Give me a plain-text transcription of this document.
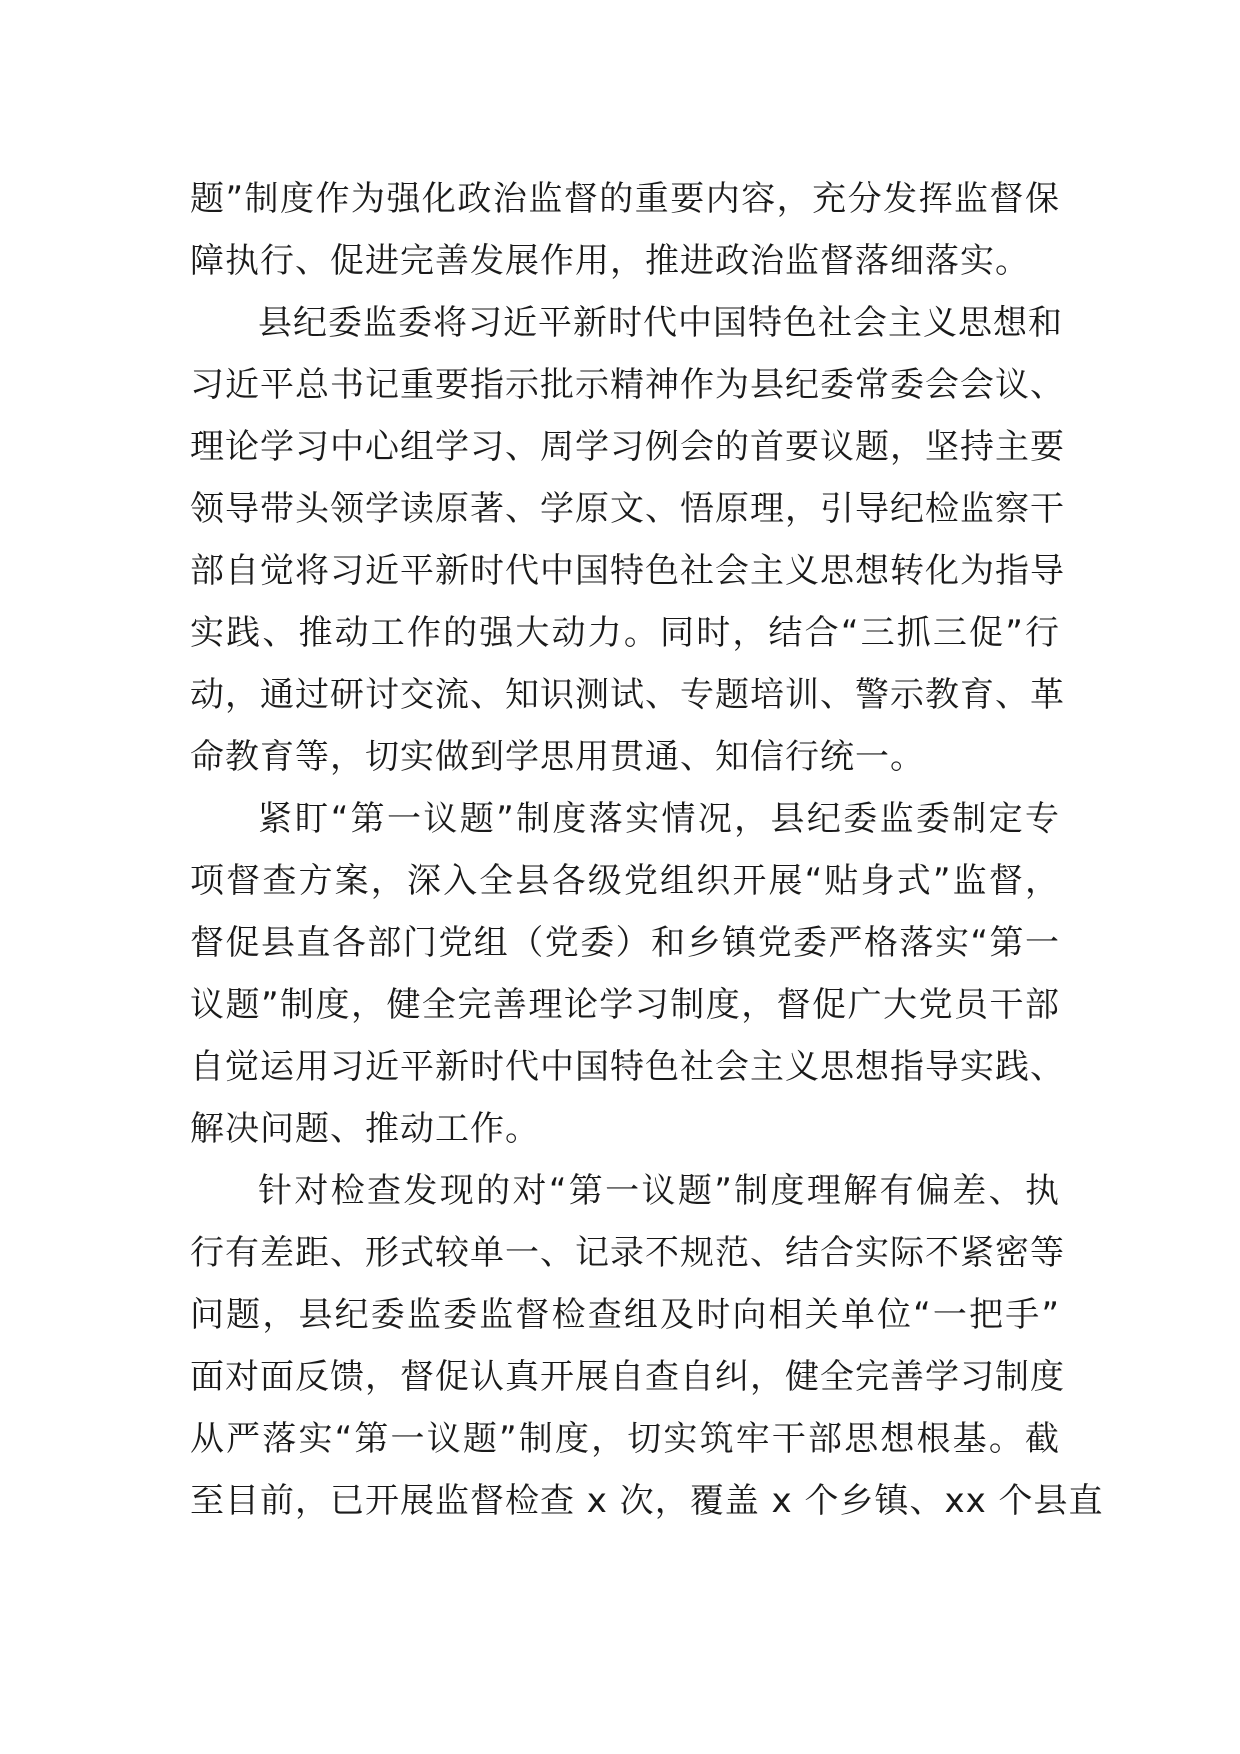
题”制度作为强化政治监督的重要内容，充分发挥监督保
障执行、促进完善发展作用，推进政治监督落细落实。
县纪委监委将习近平新时代中国特色社会主义思想和
习近平总书记重要指示批示精神作为县纪委常委会会议、
理论学习中心组学习、周学习例会的首要议题，坚持主要
领导带头领学读原著、学原文、悟原理，引导纪检监察干
部自觉将习近平新时代中国特色社会主义思想转化为指导
实践、推动工作的强大动力。同时，结合“三抓三促”行
动，通过研讨交流、知识测试、专题培训、警示教育、革
命教育等，切实做到学思用贯通、知信行统一。
紧盯“第一议题”制度落实情况，县纪委监委制定专
项督查方案，深入全县各级党组织开展“贴身式”监督，
督促县直各部门党组（党委）和乡镇党委严格落实“第一
议题”制度，健全完善理论学习制度，督促广大党员干部
自觉运用习近平新时代中国特色社会主义思想指导实践、
解决问题、推动工作。
针对检查发现的对“第一议题”制度理解有偏差、执
行有差距、形式较单一、记录不规范、结合实际不紧密等
问题，县纪委监委监督检查组及时向相关单位“一把手”
面对面反馈，督促认真开展自查自纠，健全完善学习制度
从严落实“第一议题”制度，切实筑牢干部思想根基。截
至目前，已开展监督检查 x 次，覆盖 x 个乡镇、xx 个县直
